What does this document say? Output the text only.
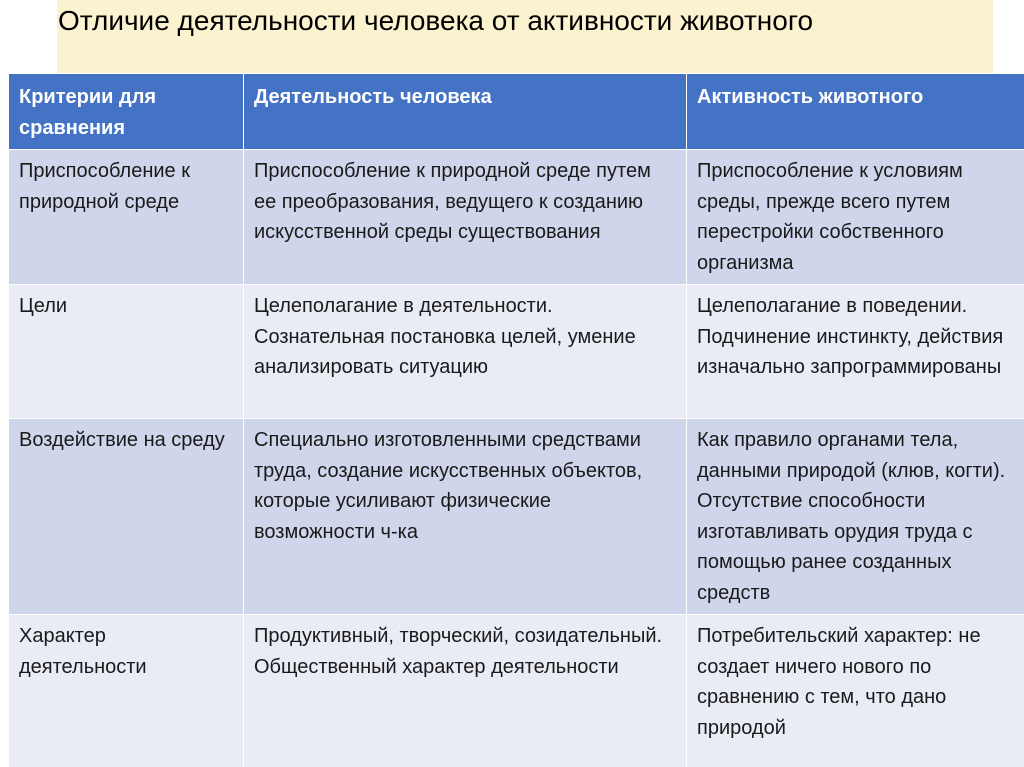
Отличие деятельности человека от активности животного
Критерии для сравнения	Деятельность человека	Активность животного
Приспособление к природной среде	Приспособление к природной среде путем ее преобразования, ведущего к созданию искусственной среды существования	Приспособление к условиям среды, прежде всего путем перестройки собственного организма
Цели	Целеполагание в деятельности. Сознательная постановка целей, умение анализировать ситуацию	Целеполагание в поведении. Подчинение инстинкту, действия изначально запрограммированы
Воздействие на среду	Специально изготовленными средствами труда, создание искусственных объектов, которые усиливают физические возможности ч-ка	Как правило органами тела, данными природой (клюв, когти). Отсутствие способности изготавливать орудия труда с помощью ранее созданных средств
Характер деятельности	Продуктивный, творческий, созидательный. Общественный характер деятельности	Потребительский характер: не создает ничего нового по сравнению с тем, что дано природой
